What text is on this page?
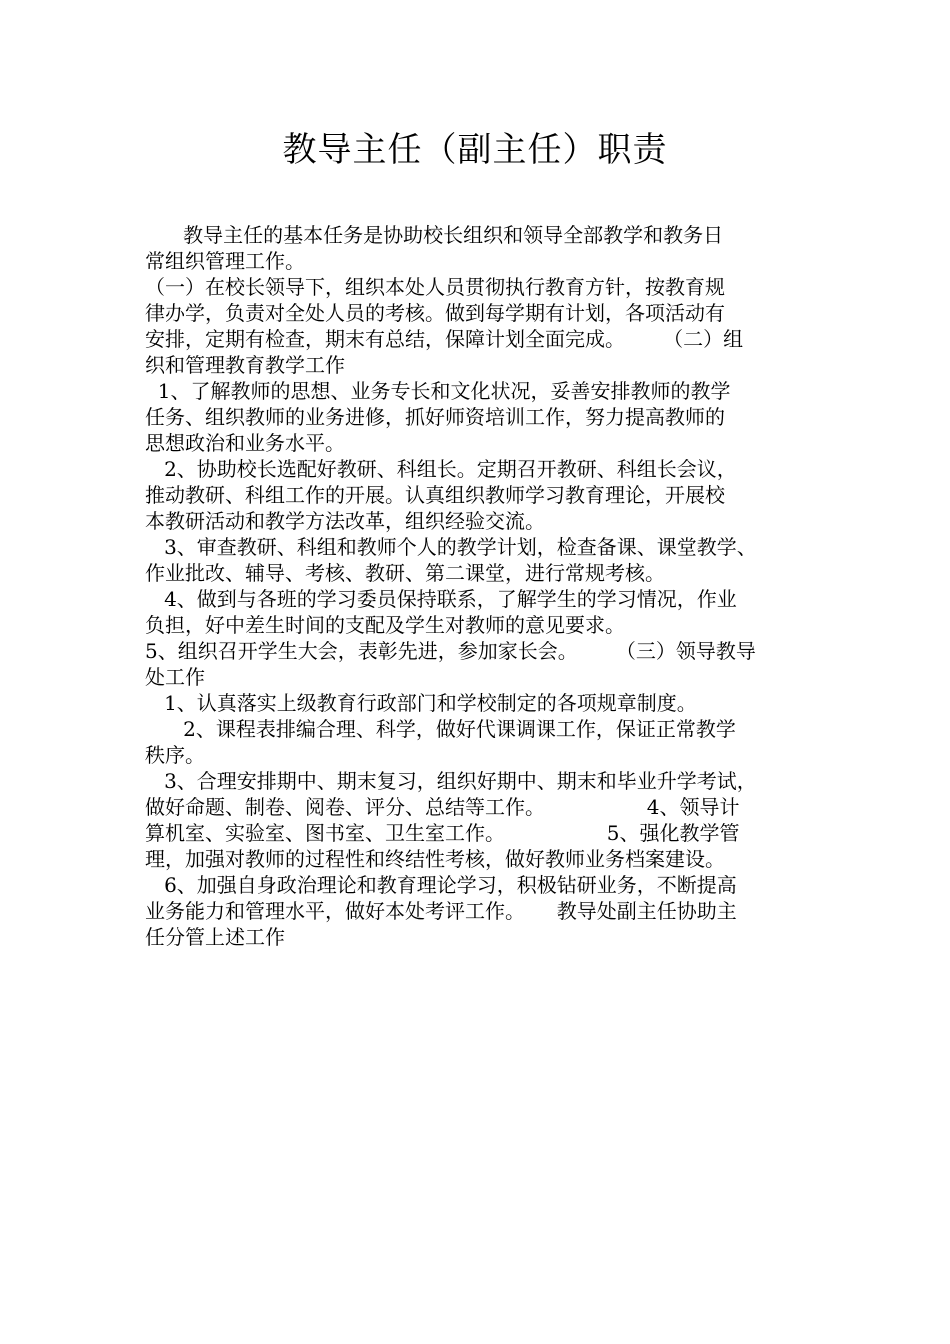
教导主任（副主任）职责
教导主任的基本任务是协助校长组织和领导全部教学和教务日
常组织管理工作。
（一）在校长领导下，组织本处人员贯彻执行教育方针，按教育规
律办学，负责对全处人员的考核。做到每学期有计划，各项活动有
安排，定期有检查，期末有总结，保障计划全面完成。      （二）组
织和管理教育教学工作
1、了解教师的思想、业务专长和文化状况，妥善安排教师的教学
任务、组织教师的业务进修，抓好师资培训工作，努力提高教师的
思想政治和业务水平。
2、协助校长选配好教研、科组长。定期召开教研、科组长会议，
推动教研、科组工作的开展。认真组织教师学习教育理论，开展校
本教研活动和教学方法改革，组织经验交流。
3、审查教研、科组和教师个人的教学计划，检查备课、课堂教学、
作业批改、辅导、考核、教研、第二课堂，进行常规考核。
4、做到与各班的学习委员保持联系，了解学生的学习情况，作业
负担，好中差生时间的支配及学生对教师的意见要求。
5、组织召开学生大会，表彰先进，参加家长会。      （三）领导教导
处工作
1、认真落实上级教育行政部门和学校制定的各项规章制度。
2、课程表排编合理、科学，做好代课调课工作，保证正常教学
秩序。
3、合理安排期中、期末复习，组织好期中、期末和毕业升学考试，
做好命题、制卷、阅卷、评分、总结等工作。                4、领导计
算机室、实验室、图书室、卫生室工作。                5、强化教学管
理，加强对教师的过程性和终结性考核，做好教师业务档案建设。
6、加强自身政治理论和教育理论学习，积极钻研业务，不断提高
业务能力和管理水平，做好本处考评工作。     教导处副主任协助主
任分管上述工作
